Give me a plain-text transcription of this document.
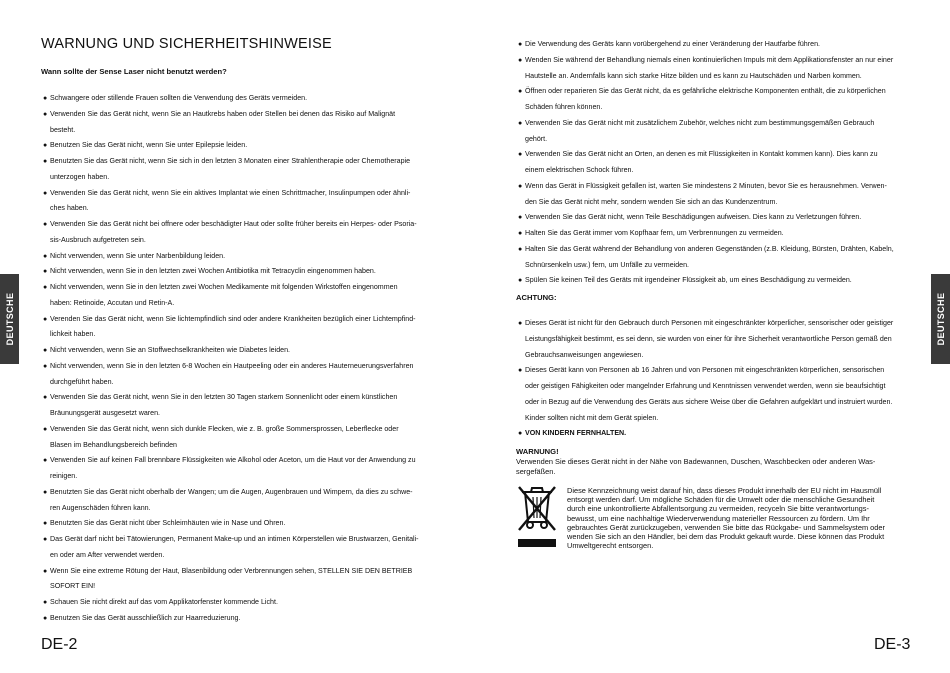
WARNUNG UND SICHERHEITSHINWEISE
Wann sollte der Sense Laser nicht benutzt werden?
● Schwangere oder stillende Frauen sollten die Verwendung des Geräts vermeiden.
● Verwenden Sie das Gerät nicht, wenn Sie an Hautkrebs haben oder Stellen bei denen das Risiko auf Malignät
besteht.
● Benutzen Sie das Gerät nicht, wenn Sie unter Epilepsie leiden.
● Benutzten Sie das Gerät nicht, wenn Sie sich in den letzten 3 Monaten einer Strahlentherapie oder Chemotherapie
unterzogen haben.
● Verwenden Sie das Gerät nicht, wenn Sie ein aktives Implantat wie einen Schrittmacher, Insulinpumpen oder ähnli-
ches haben.
● Verwenden Sie das Gerät nicht bei offnere oder beschädigter Haut oder sollte früher bereits ein Herpes- oder Psoria-
sis-Ausbruch aufgetreten sein.
● Nicht verwenden, wenn Sie unter Narbenbildung leiden.
● Nicht verwenden, wenn Sie in den letzten zwei Wochen Antibiotika mit Tetracyclin eingenommen haben.
● Nicht verwenden, wenn Sie in den letzten zwei Wochen Medikamente mit folgenden Wirkstoffen eingenommen
haben: Retinoide, Accutan und Retin-A.
● Verenden Sie das Gerät nicht, wenn Sie lichtempfindlich sind oder andere Krankheiten bezüglich einer Lichtempfind-
lichkeit haben.
● Nicht verwenden, wenn Sie an Stoffwechselkrankheiten wie Diabetes leiden.
● Nicht verwenden, wenn Sie in den letzten 6-8 Wochen ein Hautpeeling oder ein anderes Hauterneuerungsverfahren
durchgeführt haben.
● Verwenden Sie das Gerät nicht, wenn Sie in den letzten 30 Tagen starkem Sonnenlicht oder einem künstlichen
Bräunungsgerät ausgesetzt waren.
● Verwenden Sie das Gerät nicht, wenn sich dunkle Flecken, wie z. B. große Sommersprossen, Leberflecke oder
Blasen im Behandlungsbereich befinden
● Verwenden Sie auf keinen Fall brennbare Flüssigkeiten wie Alkohol oder Aceton, um die Haut vor der Anwendung zu
reinigen.
● Benutzten Sie das Gerät nicht oberhalb der Wangen; um die Augen, Augenbrauen und Wimpern, da dies zu schwe-
ren Augenschäden führen kann.
● Benutzten Sie das Gerät nicht über Schleimhäuten wie in Nase und Ohren.
● Das Gerät darf nicht bei Tätowierungen, Permanent Make-up und an intimen Körperstellen wie Brustwarzen, Genitali-
en oder am After verwendet werden.
● Wenn Sie eine extreme Rötung der Haut, Blasenbildung oder Verbrennungen sehen, STELLEN SIE DEN BETRIEB
SOFORT EIN!
● Schauen Sie nicht direkt auf das vom Applikatorfenster kommende Licht.
● Benutzen Sie das Gerät ausschließlich zur Haarreduzierung.
DE-2
DEUTSCHE
● Die Verwendung des Geräts kann vorübergehend zu einer Veränderung der Hautfarbe führen.
● Wenden Sie während der Behandlung niemals einen kontinuierlichen Impuls mit dem Applikationsfenster an nur einer
Hautstelle an. Andernfalls kann sich starke Hitze bilden und es kann zu Hautschäden und Narben kommen.
● Öffnen oder reparieren Sie das Gerät nicht, da es gefährliche elektrische Komponenten enthält, die zu körperlichen
Schäden führen können.
● Verwenden Sie das Gerät nicht mit zusätzlichem Zubehör, welches nicht zum bestimmungsgemäßen Gebrauch
gehört.
● Verwenden Sie das Gerät nicht an Orten, an denen es mit Flüssigkeiten in Kontakt kommen kann). Dies kann zu
einem elektrischen Schock führen.
● Wenn das Gerät in Flüssigkeit gefallen ist, warten Sie mindestens 2 Minuten, bevor Sie es herausnehmen. Verwen-
den Sie das Gerät nicht mehr, sondern wenden Sie sich an das Kundenzentrum.
● Verwenden Sie das Gerät nicht, wenn Teile Beschädigungen aufweisen. Dies kann zu Verletzungen führen.
● Halten Sie das Gerät immer vom Kopfhaar fern, um Verbrennungen zu vermeiden.
● Halten Sie das Gerät während der Behandlung von anderen Gegenständen (z.B. Kleidung, Bürsten, Drähten, Kabeln,
Schnürsenkeln usw.) fern, um Unfälle zu vermeiden.
● Spülen Sie keinen Teil des Geräts mit irgendeiner Flüssigkeit ab, um eines Beschädigung zu vermeiden.
ACHTUNG:
● Dieses Gerät ist nicht für den Gebrauch durch Personen mit eingeschränkter körperlicher, sensorischer oder geistiger
Leistungsfähigkeit bestimmt, es sei denn, sie wurden von einer für ihre Sicherheit verantwortliche Person gemäß den
Gebrauchsanweisungen angewiesen.
● Dieses Gerät kann von Personen ab 16 Jahren und von Personen mit eingeschränkten körperlichen, sensorischen
oder geistigen Fähigkeiten oder mangelnder Erfahrung und Kenntnissen verwendet werden, wenn sie beaufsichtigt
oder in Bezug auf die Verwendung des Geräts aus sichere Weise über die Gefahren aufgeklärt und instruiert wurden.
Kinder sollten nicht mit dem Gerät spielen.
● VON KINDERN FERNHALTEN.
WARNUNG!
Verwenden Sie dieses Gerät nicht in der Nähe von Badewannen, Duschen, Waschbecken oder anderen Was-
sergefäßen.
Diese Kennzeichnung weist darauf hin, dass dieses Produkt innerhalb der EU nicht im Hausmüll
entsorgt werden darf. Um mögliche Schäden für die Umwelt oder die menschliche Gesundheit
durch eine unkontrollierte Abfallentsorgung zu vermeiden, recyceln Sie bitte verantwortungs-
bewusst, um eine nachhaltige Wiederverwendung materieller Ressourcen zu fördern. Um Ihr
gebrauchtes Gerät zurückzugeben, verwenden Sie bitte das Rückgabe- und Sammelsystem oder
wenden Sie sich an den Händler, bei dem das Produkt gekauft wurde. Diese können das Produkt
Umweltgerecht entsorgen.
DE-3
DEUTSCHE
